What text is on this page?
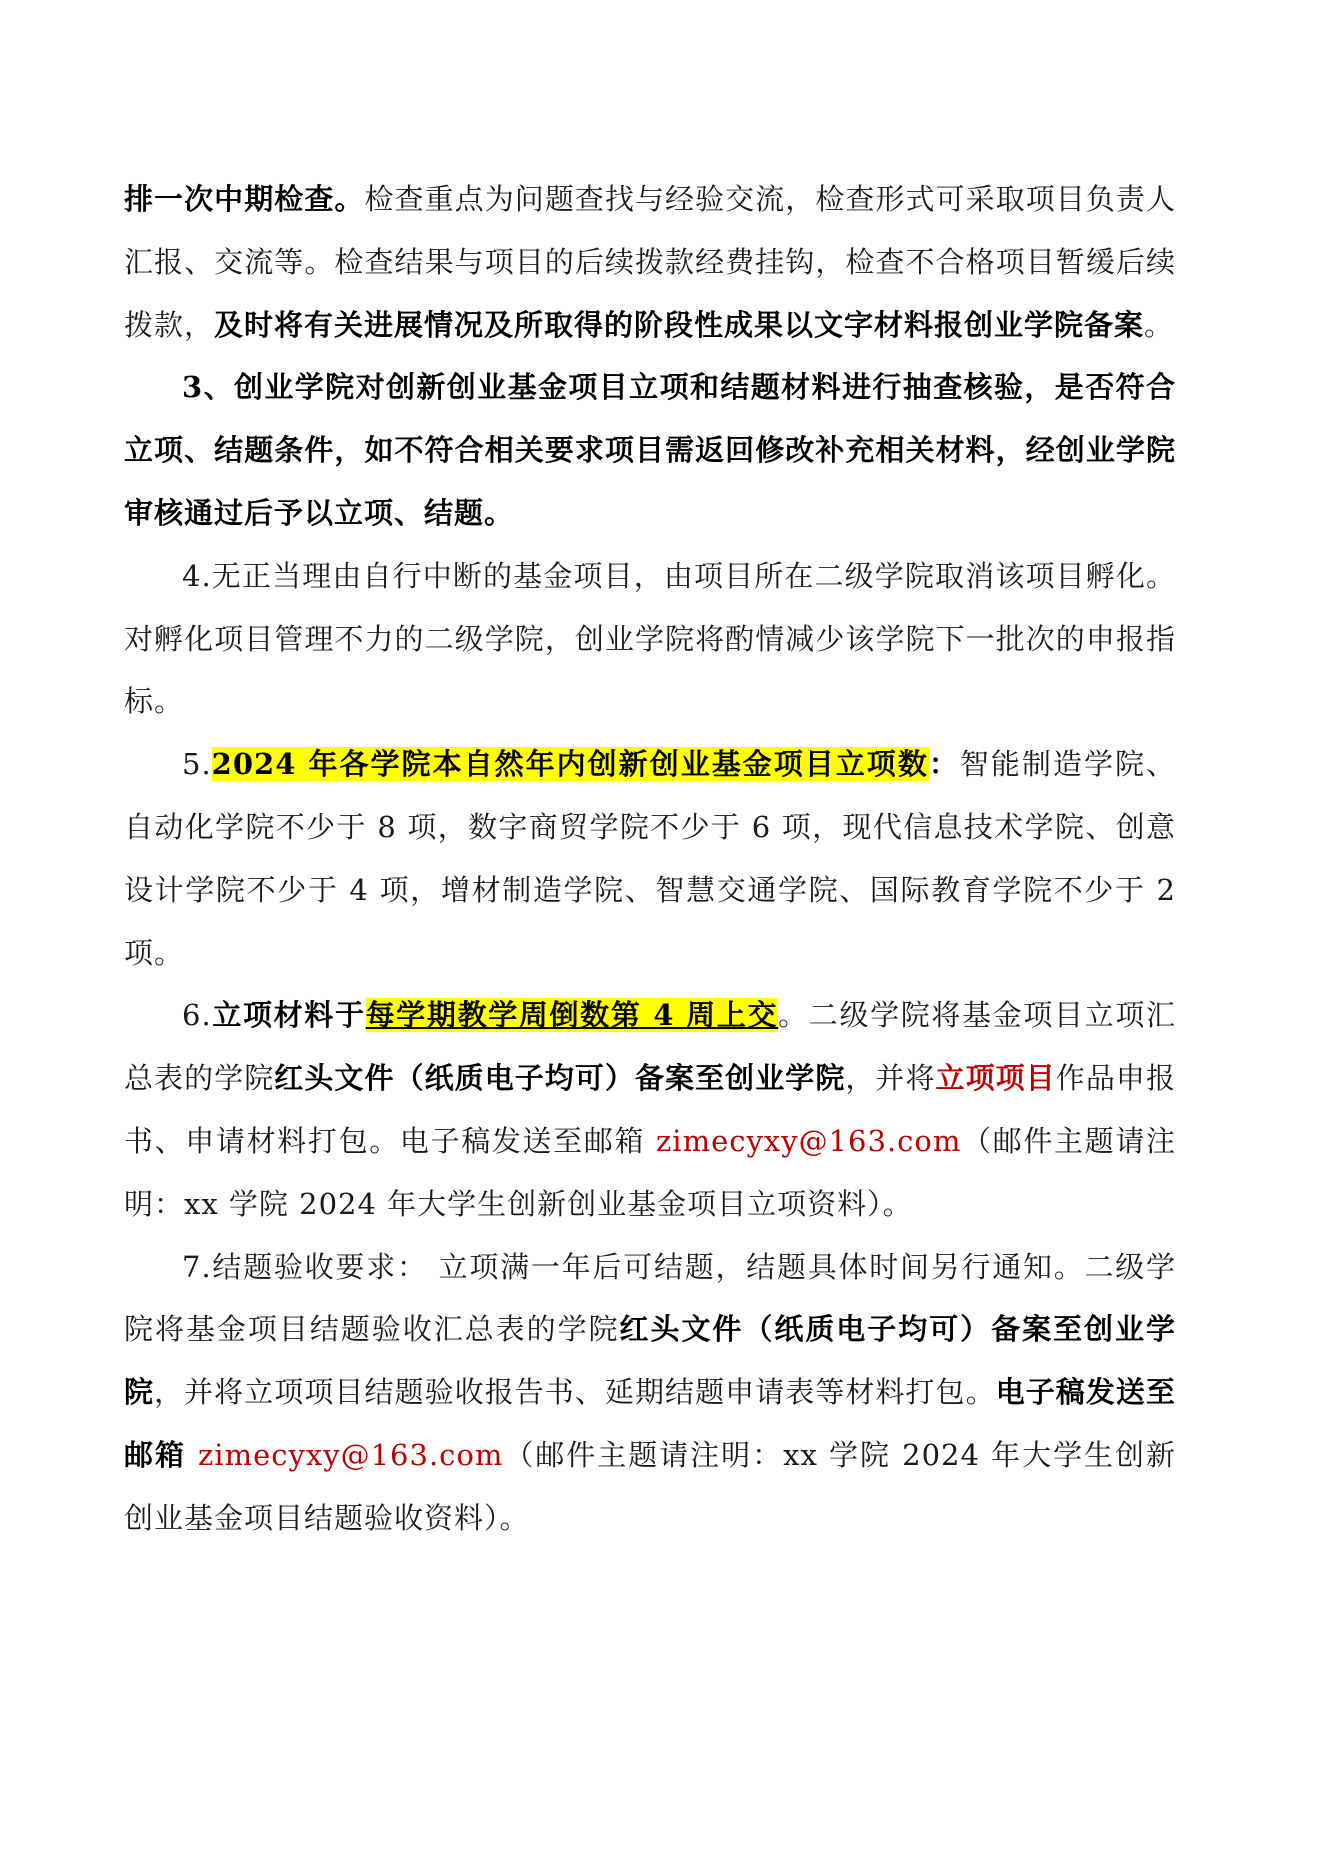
排一次中期检查。检查重点为问题查找与经验交流，检查形式可采取项目负责人汇报、交流等。检查结果与项目的后续拨款经费挂钩，检查不合格项目暂缓后续拨款，及时将有关进展情况及所取得的阶段性成果以文字材料报创业学院备案。

3、创业学院对创新创业基金项目立项和结题材料进行抽查核验，是否符合立项、结题条件，如不符合相关要求项目需返回修改补充相关材料，经创业学院审核通过后予以立项、结题。

4.无正当理由自行中断的基金项目，由项目所在二级学院取消该项目孵化。对孵化项目管理不力的二级学院，创业学院将酌情减少该学院下一批次的申报指标。

5.2024 年各学院本自然年内创新创业基金项目立项数：智能制造学院、自动化学院不少于 8 项，数字商贸学院不少于 6 项，现代信息技术学院、创意设计学院不少于 4 项，增材制造学院、智慧交通学院、国际教育学院不少于 2 项。

6.立项材料于每学期教学周倒数第 4 周上交。二级学院将基金项目立项汇总表的学院红头文件（纸质电子均可）备案至创业学院，并将立项项目作品申报书、申请材料打包。电子稿发送至邮箱 zimecyxy@163.com（邮件主题请注明：xx 学院 2024 年大学生创新创业基金项目立项资料）。

7.结题验收要求： 立项满一年后可结题，结题具体时间另行通知。二级学院将基金项目结题验收汇总表的学院红头文件（纸质电子均可）备案至创业学院，并将立项项目结题验收报告书、延期结题申请表等材料打包。电子稿发送至邮箱 zimecyxy@163.com（邮件主题请注明：xx 学院 2024 年大学生创新创业基金项目结题验收资料）。
